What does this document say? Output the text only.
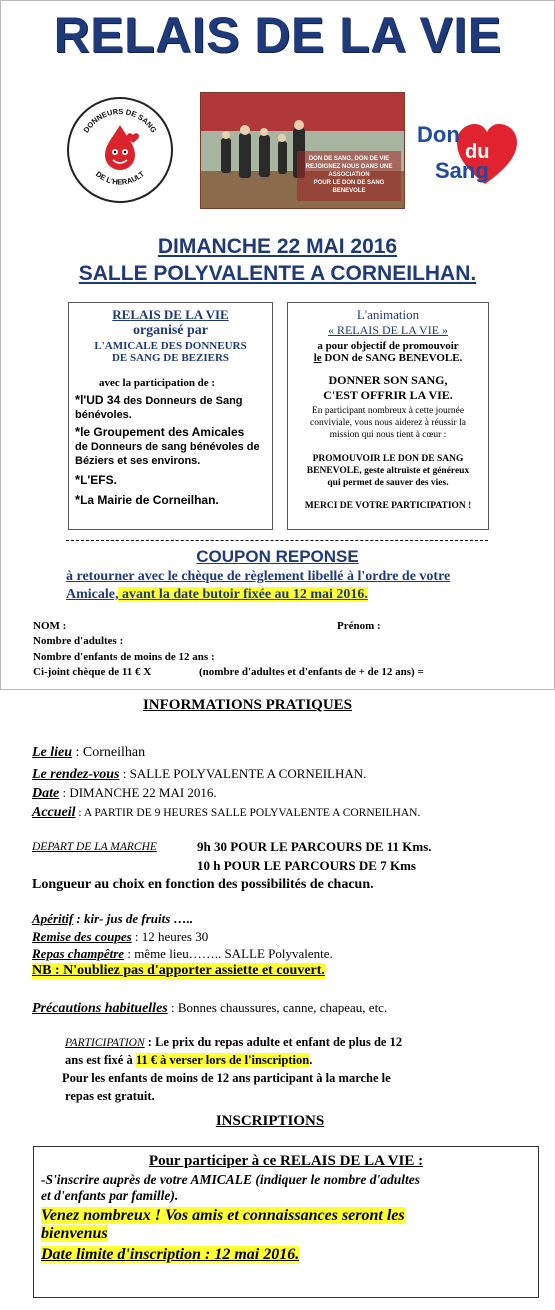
RELAIS DE LA VIE
DONNEURS DE SANG
DE L'HERAULT
DON DE SANG, DON DE VIE
REJOIGNEZ NOUS DANS UNE ASSOCIATION
POUR LE DON DE SANG BENEVOLE
Don
du
Sang
DIMANCHE 22 MAI 2016
SALLE POLYVALENTE A CORNEILHAN.
RELAIS DE LA VIE
organisé par
L'AMICALE DES DONNEURS
DE SANG DE BEZIERS
avec la participation de :
*l'UD 34 des Donneurs de Sang
bénévoles.
*le Groupement des Amicales
de Donneurs de sang bénévoles de
Béziers et ses environs.
*L'EFS.
*La Mairie de Corneilhan.
L'animation
« RELAIS DE LA VIE »
a pour objectif de promouvoir
le DON de SANG BENEVOLE.
DONNER SON SANG,
C'EST OFFRIR LA VIE.
En participant nombreux à cette journée
conviviale, vous nous aiderez à réussir la
mission qui nous tient à cœur :
PROMOUVOIR LE DON DE SANG
BENEVOLE, geste altruiste et généreux
qui permet de sauver des vies.
MERCI DE VOTRE PARTICIPATION !
COUPON REPONSE
à retourner avec le chèque de règlement libellé à l'ordre de votre
Amicale, avant la date butoir fixée au 12 mai 2016.
NOM :	Prénom :
Nombre d'adultes :
Nombre d'enfants de moins de 12 ans :
Ci-joint chèque de 11 € X	(nombre d'adultes et d'enfants de + de 12 ans) =
INFORMATIONS PRATIQUES
Le lieu : Corneilhan
Le rendez-vous : SALLE POLYVALENTE A CORNEILHAN.
Date : DIMANCHE 22 MAI 2016.
Accueil : A PARTIR DE 9 HEURES SALLE POLYVALENTE A CORNEILHAN.
DEPART DE LA MARCHE	9h 30 POUR LE PARCOURS DE 11 Kms.
10 h POUR LE PARCOURS DE 7 Kms
Longueur au choix en fonction des possibilités de chacun.
Apéritif : kir- jus de fruits …..
Remise des coupes : 12 heures 30
Repas champêtre : même lieu…….. SALLE Polyvalente.
NB : N'oubliez pas d'apporter assiette et couvert.
Précautions habituelles : Bonnes chaussures, canne, chapeau, etc.
PARTICIPATION : Le prix du repas adulte et enfant de plus de 12
ans est fixé à 11 € à verser lors de l'inscription.
Pour les enfants de moins de 12 ans participant à la marche le
repas est gratuit.
INSCRIPTIONS
Pour participer à ce RELAIS DE LA VIE :
-S'inscrire auprès de votre AMICALE (indiquer le nombre d'adultes
et d'enfants par famille).
Venez nombreux ! Vos amis et connaissances seront les
bienvenus
Date limite d'inscription : 12 mai 2016.
